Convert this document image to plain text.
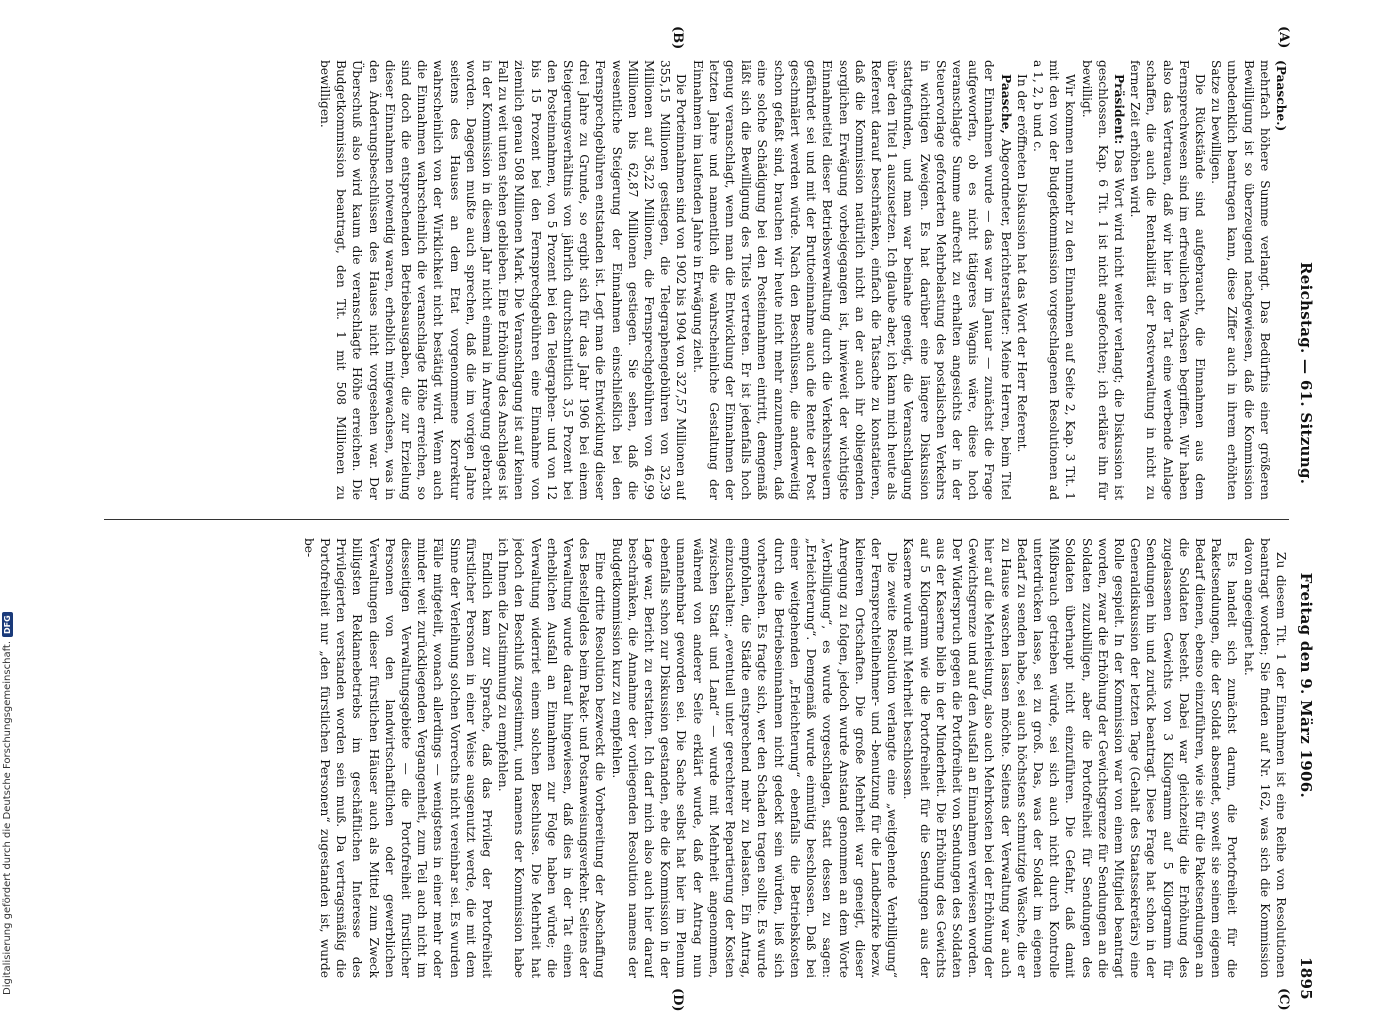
Reichstag. — 61. Sitzung.                Freitag den 9. März 1906.
1895
(A)
(B)
(C)
(D)

(Paasche.)

mehrfach höhere Summe verlangt. Das Bedürfnis einer größeren Bewilligung ist so überzeugend nachgewiesen, daß die Kommission unbedenklich beantragen kann, diese Ziffer auch in ihrem erhöhten Satze zu bewilligen.

Die Rückstände sind aufgebraucht, die Einnahmen aus dem Fernsprechwesen sind im erfreulichen Wachsen begriffen. Wir haben also das Vertrauen, daß wir hier in der Tat eine werbende Anlage schaffen, die auch die Rentabilität der Postverwaltung in nicht zu ferner Zeit erhöhen wird.

Präsident: Das Wort wird nicht weiter verlangt; die Diskussion ist geschlossen. Kap. 6 Tit. 1 ist nicht angefochten; ich erkläre ihn für bewilligt.

Wir kommen nunmehr zu den Einnahmen auf Seite 2, Kap. 3 Tit. 1 mit den von der Budgetkommission vorgeschlagenen Resolutionen ad a 1, 2, b und c.

In der eröffneten Diskussion hat das Wort der Herr Referent.

Paasche, Abgeordneter, Berichterstatter: Meine Herren, beim Titel der Einnahmen wurde — das war im Januar — zunächst die Frage aufgeworfen, ob es nicht tätigeres Wagnis wäre, diese hoch veranschlagte Summe aufrecht zu erhalten angesichts der in der Steuervorlage geforderten Mehrbelastung des postalischen Verkehrs in wichtigen Zweigen. Es hat darüber eine längere Diskussion stattgefunden, und man war beinahe geneigt, die Veranschlagung über den Titel 1 auszusetzen. Ich glaube aber, ich kann mich heute als Referent darauf beschränken, einfach die Tatsache zu konstatieren, daß die Kommission natürlich nicht an der auch ihr obliegenden sorglichen Erwägung vorbeigegangen ist, inwieweit der wichtigste Einnahmetitel dieser Betriebsverwaltung durch die Verkehrssteuern gefährdet sei und mit der Bruttoeinnahme auch die Rente der Post geschmälert werden würde. Nach den Beschlüssen, die anderweitig schon gefaßt sind, brauchen wir heute nicht mehr anzunehmen, daß eine solche Schädigung bei den Posteinnahmen eintritt, demgemäß läßt sich die Bewilligung des Titels vertreten. Er ist jedenfalls hoch genug veranschlagt, wenn man die Entwicklung der Einnahmen der letzten Jahre und namentlich die wahrscheinliche Gestaltung der Einnahmen im laufenden Jahre in Erwägung zieht.

Die Porteinnahmen sind von 1902 bis 1904 von 327,57 Millionen auf 355,15 Millionen gestiegen, die Telegraphengebühren von 32,39 Millionen auf 36,22 Millionen, die Fernsprechgebühren von 46,99 Millionen bis 62,87 Millionen gestiegen. Sie sehen, daß die wesentliche Steigerung der Einnahmen einschließlich bei den Fernsprechgebühren entstanden ist. Legt man die Entwicklung dieser drei Jahre zu Grunde, so ergibt sich für das Jahr 1906 bei einem Steigerungsverhältnis von jährlich durchschnittlich 3,5 Prozent bei den Posteinnahmen, von 5 Prozent bei den Telegraphen- und von 12 bis 15 Prozent bei den Fernsprechgebühren eine Einnahme von ziemlich genau 508 Millionen Mark. Die Veranschlagung ist auf keinen Fall zu weit unten stehen geblieben. Eine Erhöhung des Anschlages ist in der Kommission in diesem Jahr nicht einmal in Anregung gebracht worden. Dagegen mußte auch sprechen, daß die im vorigen Jahre seitens des Hauses an dem Etat vorgenommene Korrektur wahrscheinlich von der Wirklichkeit nicht bestätigt wird. Wenn auch die Einnahmen wahrscheinlich die veranschlagte Höhe erreichen, so sind doch die entsprechenden Betriebsausgaben, die zur Erzielung dieser Einnahmen notwendig waren, erheblich mitgewachsen, was in den Änderungsbeschlüssen des Hauses nicht vorgesehen war. Der Überschuß also wird kaum die veranschlagte Höhe erreichen. Die Budgetkommission beantragt, den Tit. 1 mit 508 Millionen zu bewilligen.

Zu diesem Tit. 1 der Einnahmen ist eine Reihe von Resolutionen beantragt worden; Sie finden auf Nr. 162, was sich die Kommission davon angeeignet hat.

Es handelt sich zunächst darum, die Portofreiheit für die Paketsendungen, die der Soldat absendet, soweit sie seinem eigenen Bedarf dienen, ebenso einzuführen, wie sie für die Paketsendungen an die Soldaten besteht. Dabei war gleichzeitig die Erhöhung des zugelassenen Gewichts von 3 Kilogramm auf 5 Kilogramm für Sendungen hin und zurück beantragt. Diese Frage hat schon in der Generaldiskussion der letzten Tage (Gehalt des Staatssekretärs) eine Rolle gespielt. In der Kommission war von einem Mitglied beantragt worden, zwar die Erhöhung der Gewichtsgrenze für Sendungen an die Soldaten zuzubilligen, aber die Portofreiheit für Sendungen des Soldaten überhaupt nicht einzuführen. Die Gefahr, daß damit Mißbrauch getrieben würde, sei sich auch nicht durch Kontrolle unterdrücken lasse, sei zu groß. Das, was der Soldat im eigenen Bedarf zu senden habe, sei auch höchstens schmutzige Wäsche, die er zu Hause waschen lassen möchte. Seitens der Verwaltung war auch hier auf die Mehrleistung, also auch Mehrkosten bei der Erhöhung der Gewichtsgrenze und auf den Ausfall an Einnahmen verwiesen worden. Der Widerspruch gegen die Portofreiheit von Sendungen des Soldaten aus der Kaserne blieb in der Minderheit. Die Erhöhung des Gewichts auf 5 Kilogramm wie die Portofreiheit für die Sendungen aus der Kaserne wurde mit Mehrheit beschlossen.

Die zweite Resolution verlangte eine „weitgehende Verbilligung“ der Fernsprechteilnehmer- und -benutzung für die Landbezirke bezw. kleineren Ortschaften. Die große Mehrheit war geneigt, dieser Anregung zu folgen, jedoch wurde Anstand genommen an dem Worte „Verbilligung“, es wurde vorgeschlagen, statt dessen zu sagen: „Erleichterung“. Demgemäß wurde einmütig beschlossen. Daß bei einer weitgehenden „Erleichterung“ ebenfalls die Betriebskosten durch die Betriebseinnahmen nicht gedeckt sein würden, ließ sich vorhersehen. Es fragte sich, wer den Schaden tragen sollte. Es wurde empfohlen, die Städte entsprechend mehr zu belasten. Ein Antrag, einzuschalten: „eventuell unter gerechterer Repartierung der Kosten zwischen Stadt und Land“ — wurde mit Mehrheit angenommen, während von anderer Seite erklärt wurde, daß der Antrag nun unannehmbar geworden sei. Die Sache selbst hat hier im Plenum ebenfalls schon zur Diskussion gestanden, ehe die Kommission in der Lage war, Bericht zu erstatten. Ich darf mich also auch hier darauf beschränken, die Annahme der vorliegenden Resolution namens der Budgetkommission kurz zu empfehlen.

Eine dritte Resolution bezweckt die Vorbereitung der Abschaffung des Bestellgeldes beim Paket- und Postanweisungsverkehr. Seitens der Verwaltung wurde darauf hingewiesen, daß dies in der Tat einen erheblichen Ausfall an Einnahmen zur Folge haben würde; die Verwaltung widerriet einem solchen Beschlusse. Die Mehrheit hat jedoch den Beschluß zugestimmt, und namens der Kommission habe ich Ihnen die Zustimmung zu empfehlen.

Endlich kam zur Sprache, daß das Privileg der Portofreiheit fürstlicher Personen in einer Weise ausgenutzt werde, die mit dem Sinne der Verleihung solchen Vorrechts nicht vereinbar sei. Es wurden Fälle mitgeteilt, wonach allerdings — wenigstens in einer mehr oder minder weit zurückliegenden Vergangenheit, zum Teil auch nicht im diesseitigen Verwaltungsgebiete — die Portofreiheit fürstlicher Personen von den landwirtschaftlichen oder gewerblichen Verwaltungen dieser fürstlichen Häuser auch als Mittel zum Zweck billigsten Reklamebetriebs im geschäftlichen Interesse des Privilegierten verstanden worden sein muß. Da vertragsmäßig die Portofreiheit nur „den fürstlichen Personen“ zugestanden ist, wurde be-

Digitalisierung gefördert durch die Deutsche Forschungsgemeinschaft.
DFG
